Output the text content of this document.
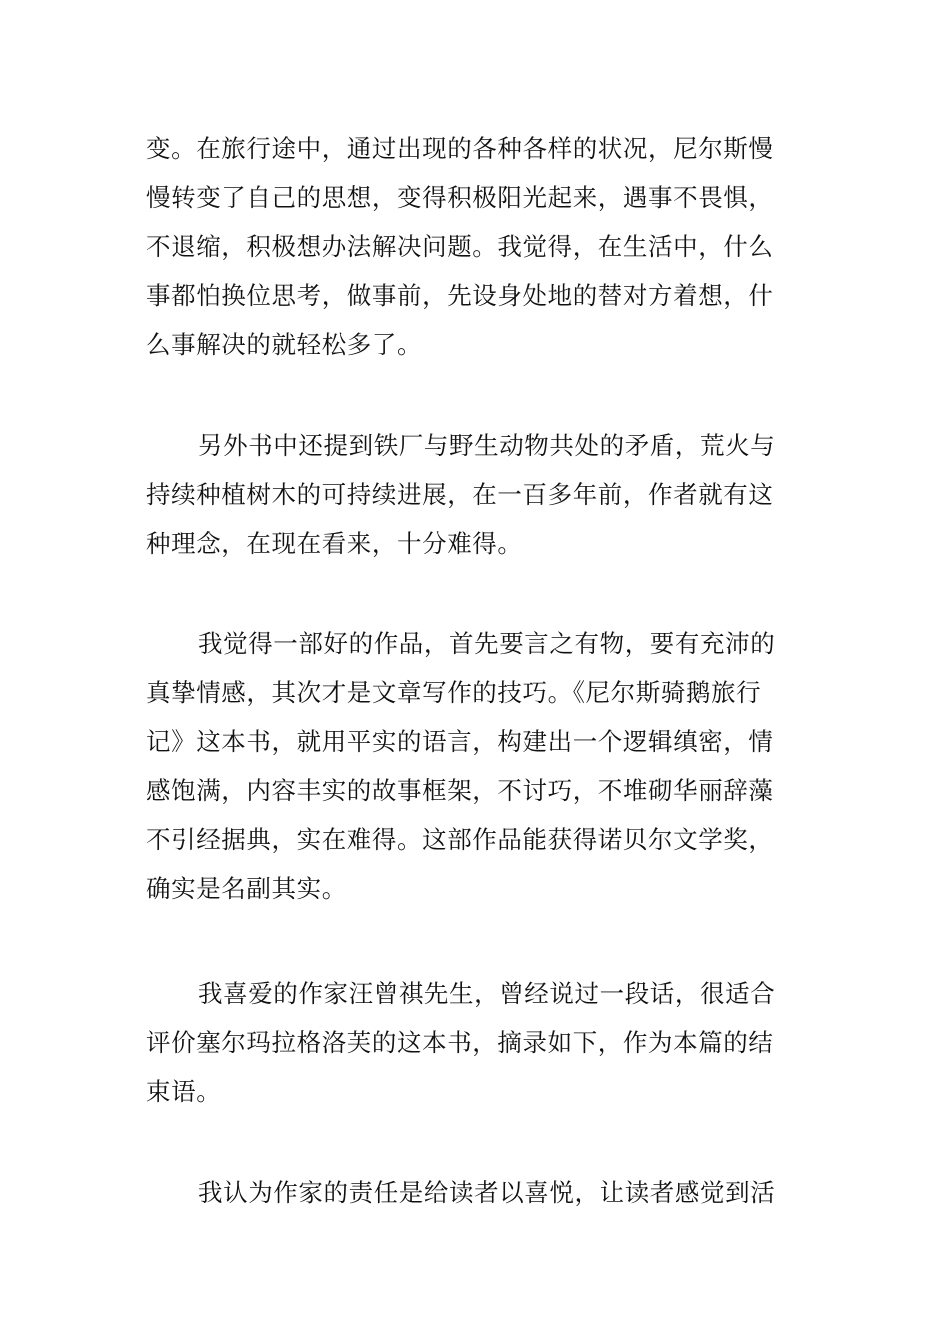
变。在旅行途中，通过出现的各种各样的状况，尼尔斯慢
慢转变了自己的思想，变得积极阳光起来，遇事不畏惧，
不退缩，积极想办法解决问题。我觉得，在生活中，什么
事都怕换位思考，做事前，先设身处地的替对方着想，什
么事解决的就轻松多了。
另外书中还提到铁厂与野生动物共处的矛盾，荒火与
持续种植树木的可持续进展，在一百多年前，作者就有这
种理念，在现在看来，十分难得。
我觉得一部好的作品，首先要言之有物，要有充沛的
真挚情感，其次才是文章写作的技巧。《尼尔斯骑鹅旅行
记》这本书，就用平实的语言，构建出一个逻辑缜密，情
感饱满，内容丰实的故事框架，不讨巧，不堆砌华丽辞藻
不引经据典，实在难得。这部作品能获得诺贝尔文学奖，
确实是名副其实。
我喜爱的作家汪曾祺先生，曾经说过一段话，很适合
评价塞尔玛拉格洛芙的这本书，摘录如下，作为本篇的结
束语。
我认为作家的责任是给读者以喜悦，让读者感觉到活
